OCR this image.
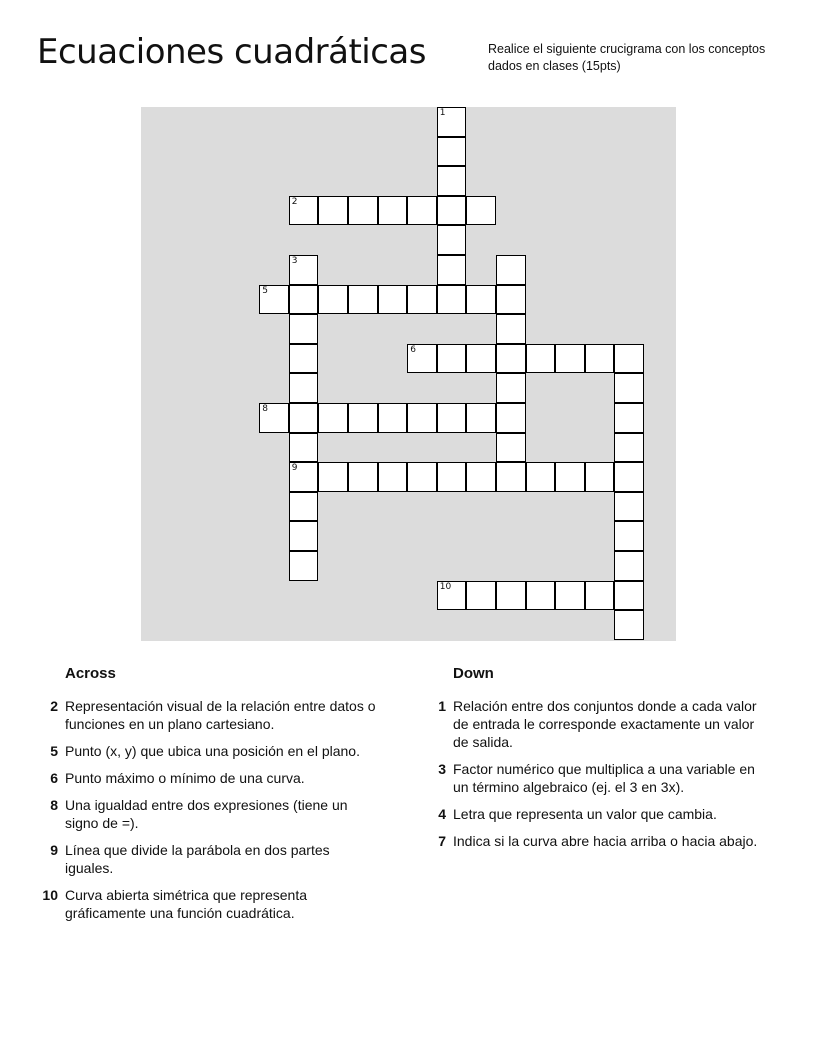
Ecuaciones cuadráticas	Realice el siguiente crucigrama con los conceptos dados en clases (15pts)
1
2
3
5
9
6
8
10
Across
2 Representación visual de la relación entre datos o funciones en un plano cartesiano.
5 Punto (x, y) que ubica una posición en el plano.
6 Punto máximo o mínimo de una curva.
8 Una igualdad entre dos expresiones (tiene un signo de =).
9 Línea que divide la parábola en dos partes iguales.
10 Curva abierta simétrica que representa gráficamente una función cuadrática.
Down
1 Relación entre dos conjuntos donde a cada valor de entrada le corresponde exactamente un valor de salida.
3 Factor numérico que multiplica a una variable en un término algebraico (ej. el 3 en 3x).
4 Letra que representa un valor que cambia.
7 Indica si la curva abre hacia arriba o hacia abajo.
